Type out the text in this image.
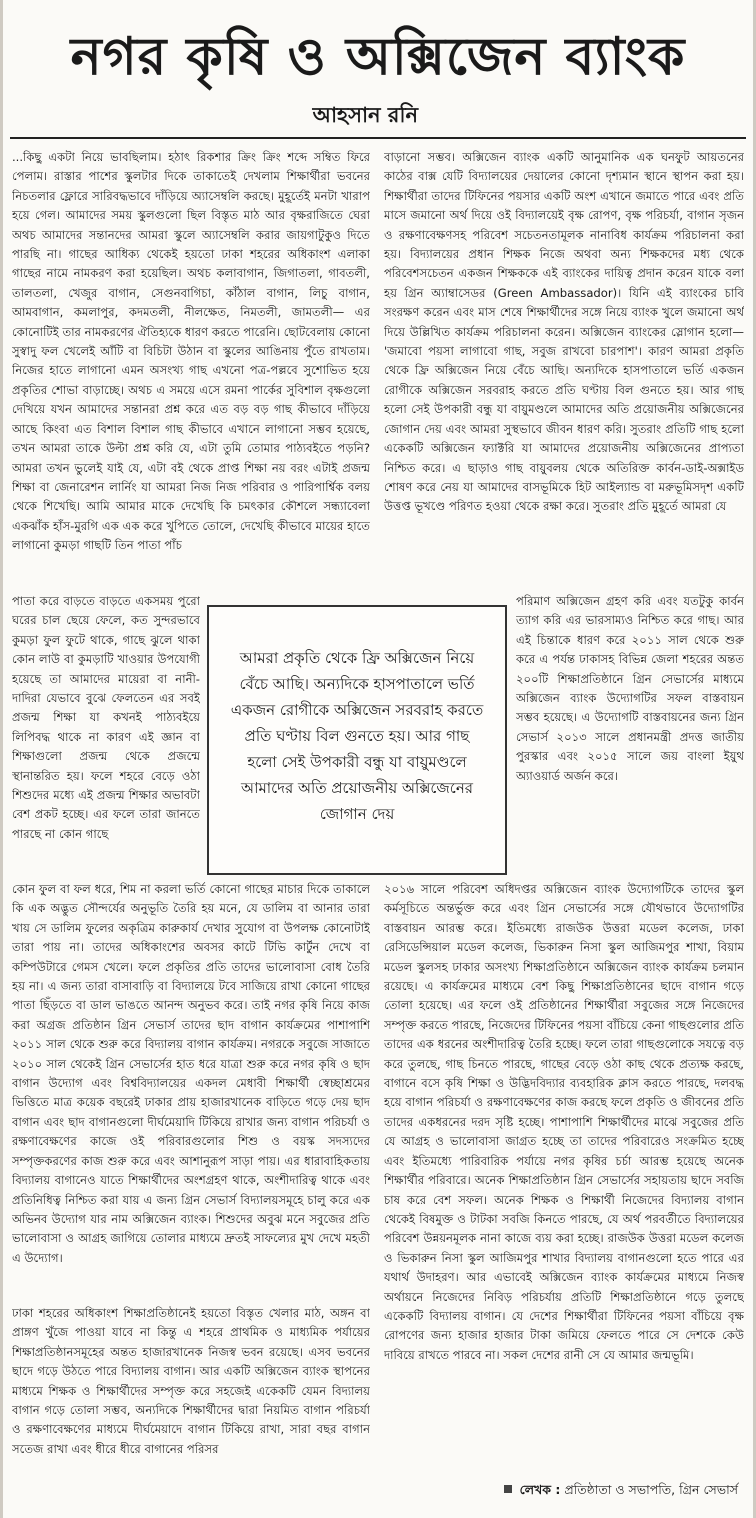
নগর কৃষি ও অক্সিজেন ব্যাংক
আহসান রনি

...কিছু একটা নিয়ে ভাবছিলাম। হঠাৎ রিকশার ক্রিং ক্রিং শব্দে সম্বিত ফিরে পেলাম। রাস্তার পাশের স্কুলটার দিকে তাকাতেই দেখলাম শিক্ষার্থীরা ভবনের নিচতলার ফ্লোরে সারিবদ্ধভাবে দাঁড়িয়ে অ্যাসেম্বলি করছে। মুহূর্তেই মনটা খারাপ হয়ে গেল। আমাদের সময় স্কুলগুলো ছিল বিস্তৃত মাঠ আর বৃক্ষরাজিতে ঘেরা অথচ আমাদের সন্তানদের আমরা স্কুলে অ্যাসেম্বলি করার জায়গাটুকুও দিতে পারছি না। গাছের আধিক্য থেকেই হয়তো ঢাকা শহরের অধিকাংশ এলাকা গাছের নামে নামকরণ করা হয়েছিল। অথচ কলাবাগান, জিগাতলা, গাবতলী, তালতলা, খেজুর বাগান, সেগুনবাগিচা, কাঁঠাল বাগান, লিচু বাগান, আমবাগান, কমলাপুর, কদমতলী, নীলক্ষেত, নিমতলী, জামতলী— এর কোনোটিই তার নামকরণের ঐতিহ্যকে ধারণ করতে পারেনি। ছোটবেলায় কোনো সুস্বাদু ফল খেলেই আঁটি বা বিচিটা উঠান বা স্কুলের আঙিনায় পুঁতে রাখতাম। নিজের হাতে লাগানো এমন অসংখ্য গাছ এখনো পত্র-পল্লবে সুশোভিত হয়ে প্রকৃতির শোভা বাড়াচ্ছে। অথচ এ সময়ে এসে রমনা পার্কের সুবিশাল বৃক্ষগুলো দেখিয়ে যখন আমাদের সন্তানরা প্রশ্ন করে এত বড় বড় গাছ কীভাবে দাঁড়িয়ে আছে কিংবা এত বিশাল বিশাল গাছ কীভাবে এখানে লাগানো সম্ভব হয়েছে, তখন আমরা তাকে উল্টা প্রশ্ন করি যে, এটা তুমি তোমার পাঠ্যবইতে পড়নি? আমরা তখন ভুলেই যাই যে, এটা বই থেকে প্রাপ্ত শিক্ষা নয় বরং এটাই প্রজন্ম শিক্ষা বা জেনারেশন লার্নিং যা আমরা নিজ নিজ পরিবার ও পারিপার্শ্বিক বলয় থেকে শিখেছি। আমি আমার মাকে দেখেছি কি চমৎকার কৌশলে সন্ধ্যাবেলা একঝাঁক হাঁস-মুরগি এক এক করে খুপিতে তোলে, দেখেছি কীভাবে মায়ের হাতে লাগানো কুমড়া গাছটি তিন পাতা পাঁচ

পাতা করে বাড়তে বাড়তে একসময় পুরো ঘরের চাল ছেয়ে ফেলে, কত সুন্দরভাবে কুমড়া ফুল ফুটে থাকে, গাছে ঝুলে থাকা কোন লাউ বা কুমড়াটি খাওয়ার উপযোগী হয়েছে তা আমাদের মায়েরা বা নানী-দাদিরা যেভাবে বুঝে ফেলতেন এর সবই প্রজন্ম শিক্ষা যা কখনই পাঠ্যবইয়ে লিপিবদ্ধ থাকে না কারণ এই জ্ঞান বা শিক্ষাগুলো প্রজন্ম থেকে প্রজন্মে স্থানান্তরিত হয়। ফলে শহরে বেড়ে ওঠা শিশুদের মধ্যে এই প্রজন্ম শিক্ষার অভাবটা বেশ প্রকট হচ্ছে। এর ফলে তারা জানতে পারছে না কোন গাছে

আমরা প্রকৃতি থেকে ফ্রি অক্সিজেন নিয়ে বেঁচে আছি। অন্যদিকে হাসপাতালে ভর্তি একজন রোগীকে অক্সিজেন সরবরাহ করতে প্রতি ঘণ্টায় বিল গুনতে হয়। আর গাছ হলো সেই উপকারী বন্ধু যা বায়ুমণ্ডলে আমাদের অতি প্রয়োজনীয় অক্সিজেনের জোগান দেয়

কোন ফুল বা ফল ধরে, শিম না করলা ভর্তি কোনো গাছের মাচার দিকে তাকালে কি এক অদ্ভুত সৌন্দর্যের অনুভূতি তৈরি হয় মনে, যে ডালিম বা আনার তারা খায় সে ডালিম ফুলের অকৃত্রিম কারুকার্য দেখার সুযোগ বা উপলক্ষ কোনোটাই তারা পায় না। তাদের অধিকাংশের অবসর কাটে টিভি কার্টুন দেখে বা কম্পিউটারে গেমস খেলে। ফলে প্রকৃতির প্রতি তাদের ভালোবাসা বোধ তৈরি হয় না। এ জন্য তারা বাসাবাড়ি বা বিদ্যালয়ে টবে সাজিয়ে রাখা কোনো গাছের পাতা ছিঁড়তে বা ডাল ভাঙতে আনন্দ অনুভব করে। তাই নগর কৃষি নিয়ে কাজ করা অগ্রজ প্রতিষ্ঠান গ্রিন সেভার্স তাদের ছাদ বাগান কার্যক্রমের পাশাপাশি ২০১১ সাল থেকে শুরু করে বিদ্যালয় বাগান কার্যক্রম। নগরকে সবুজে সাজাতে ২০১০ সাল থেকেই গ্রিন সেভার্সের হাত ধরে যাত্রা শুরু করে নগর কৃষি ও ছাদ বাগান উদ্যোগ এবং বিশ্ববিদ্যালয়ের একদল মেধাবী শিক্ষার্থী স্বেচ্ছাশ্রমের ভিত্তিতে মাত্র কয়েক বছরেই ঢাকার প্রায় হাজারখানেক বাড়িতে গড়ে দেয় ছাদ বাগান এবং ছাদ বাগানগুলো দীর্ঘমেয়াদি টিকিয়ে রাখার জন্য বাগান পরিচর্যা ও রক্ষণাবেক্ষণের কাজে ওই পরিবারগুলোর শিশু ও বয়স্ক সদস্যদের সম্পৃক্তকরণের কাজ শুরু করে এবং আশানুরূপ সাড়া পায়। এর ধারাবাহিকতায় বিদ্যালয় বাগানেও যাতে শিক্ষার্থীদের অংশগ্রহণ থাকে, অংশীদারিত্ব থাকে এবং প্রতিনিধিত্ব নিশ্চিত করা যায় এ জন্য গ্রিন সেভার্স বিদ্যালয়সমূহে চালু করে এক অভিনব উদ্যোগ যার নাম অক্সিজেন ব্যাংক। শিশুদের অবুঝ মনে সবুজের প্রতি ভালোবাসা ও আগ্রহ জাগিয়ে তোলার মাধ্যমে দ্রুতই সাফল্যের মুখ দেখে মহতী এ উদ্যোগ।

ঢাকা শহরের অধিকাংশ শিক্ষাপ্রতিষ্ঠানেই হয়তো বিস্তৃত খেলার মাঠ, অঙ্গন বা প্রাঙ্গণ খুঁজে পাওয়া যাবে না কিন্তু এ শহরে প্রাথমিক ও মাধ্যমিক পর্যায়ের শিক্ষাপ্রতিষ্ঠানসমূহের অন্তত হাজারখানেক নিজস্ব ভবন রয়েছে। এসব ভবনের ছাদে গড়ে উঠতে পারে বিদ্যালয় বাগান। আর একটি অক্সিজেন ব্যাংক স্থাপনের মাধ্যমে শিক্ষক ও শিক্ষার্থীদের সম্পৃক্ত করে সহজেই একেকটি যেমন বিদ্যালয় বাগান গড়ে তোলা সম্ভব, অন্যদিকে শিক্ষার্থীদের দ্বারা নিয়মিত বাগান পরিচর্যা ও রক্ষণাবেক্ষণের মাধ্যমে দীর্ঘমেয়াদে বাগান টিকিয়ে রাখা, সারা বছর বাগান সতেজ রাখা এবং ধীরে ধীরে বাগানের পরিসর

বাড়ানো সম্ভব। অক্সিজেন ব্যাংক একটি আনুমানিক এক ঘনফুট আয়তনের কাঠের বাক্স যেটি বিদ্যালয়ের দেয়ালের কোনো দৃশ্যমান স্থানে স্থাপন করা হয়। শিক্ষার্থীরা তাদের টিফিনের পয়সার একটি অংশ এখানে জমাতে পারে এবং প্রতি মাসে জমানো অর্থ দিয়ে ওই বিদ্যালয়েই বৃক্ষ রোপণ, বৃক্ষ পরিচর্যা, বাগান সৃজন ও রক্ষণাবেক্ষণসহ পরিবেশ সচেতনতামূলক নানাবিধ কার্যক্রম পরিচালনা করা হয়। বিদ্যালয়ের প্রধান শিক্ষক নিজে অথবা অন্য শিক্ষকদের মধ্য থেকে পরিবেশসচেতন একজন শিক্ষককে এই ব্যাংকের দায়িত্ব প্রদান করেন যাকে বলা হয় গ্রিন অ্যাম্বাসেডর (Green Ambassador)। যিনি এই ব্যাংকের চাবি সংরক্ষণ করেন এবং মাস শেষে শিক্ষার্থীদের সঙ্গে নিয়ে ব্যাংক খুলে জমানো অর্থ দিয়ে উল্লিখিত কার্যক্রম পরিচালনা করেন। অক্সিজেন ব্যাংকের স্লোগান হলো— 'জমাবো পয়সা লাগাবো গাছ, সবুজ রাখবো চারপাশ'। কারণ আমরা প্রকৃতি থেকে ফ্রি অক্সিজেন নিয়ে বেঁচে আছি। অন্যদিকে হাসপাতালে ভর্তি একজন রোগীকে অক্সিজেন সরবরাহ করতে প্রতি ঘণ্টায় বিল গুনতে হয়। আর গাছ হলো সেই উপকারী বন্ধু যা বায়ুমণ্ডলে আমাদের অতি প্রয়োজনীয় অক্সিজেনের জোগান দেয় এবং আমরা সুস্থভাবে জীবন ধারণ করি। সুতরাং প্রতিটি গাছ হলো একেকটি অক্সিজেন ফ্যাক্টরি যা আমাদের প্রয়োজনীয় অক্সিজেনের প্রাপ্যতা নিশ্চিত করে। এ ছাড়াও গাছ বায়ুবলয় থেকে অতিরিক্ত কার্বন-ডাই-অক্সাইড শোষণ করে নেয় যা আমাদের বাসভূমিকে হিট আইল্যান্ড বা মরুভূমিসদৃশ একটি উত্তপ্ত ভূখণ্ডে পরিণত হওয়া থেকে রক্ষা করে। সুতরাং প্রতি মুহূর্তে আমরা যে

পরিমাণ অক্সিজেন গ্রহণ করি এবং যতটুকু কার্বন ত্যাগ করি এর ভারসাম্যও নিশ্চিত করে গাছ। আর এই চিন্তাকে ধারণ করে ২০১১ সাল থেকে শুরু করে এ পর্যন্ত ঢাকাসহ বিভিন্ন জেলা শহরের অন্তত ২০০টি শিক্ষাপ্রতিষ্ঠানে গ্রিন সেভার্সের মাধ্যমে অক্সিজেন ব্যাংক উদ্যোগটির সফল বাস্তবায়ন সম্ভব হয়েছে। এ উদ্যোগটি বাস্তবায়নের জন্য গ্রিন সেভার্স ২০১৩ সালে প্রধানমন্ত্রী প্রদত্ত জাতীয় পুরস্কার এবং ২০১৫ সালে জয় বাংলা ইয়ুথ অ্যাওয়ার্ড অর্জন করে।

২০১৬ সালে পরিবেশ অধিদপ্তর অক্সিজেন ব্যাংক উদ্যোগটিকে তাদের স্কুল কর্মসূচিতে অন্তর্ভুক্ত করে এবং গ্রিন সেভার্সের সঙ্গে যৌথভাবে উদ্যোগটির বাস্তবায়ন আরম্ভ করে। ইতিমধ্যে রাজউক উত্তরা মডেল কলেজ, ঢাকা রেসিডেন্সিয়াল মডেল কলেজ, ভিকারুন নিসা স্কুল আজিমপুর শাখা, বিয়াম মডেল স্কুলসহ ঢাকার অসংখ্য শিক্ষাপ্রতিষ্ঠানে অক্সিজেন ব্যাংক কার্যক্রম চলমান রয়েছে। এ কার্যক্রমের মাধ্যমে বেশ কিছু শিক্ষাপ্রতিষ্ঠানের ছাদে বাগান গড়ে তোলা হয়েছে। এর ফলে ওই প্রতিষ্ঠানের শিক্ষার্থীরা সবুজের সঙ্গে নিজেদের সম্পৃক্ত করতে পারছে, নিজেদের টিফিনের পয়সা বাঁচিয়ে কেনা গাছগুলোর প্রতি তাদের এক ধরনের অংশীদারিত্ব তৈরি হচ্ছে। ফলে তারা গাছগুলোকে সযত্নে বড় করে তুলছে, গাছ চিনতে পারছে, গাছের বেড়ে ওঠা কাছ থেকে প্রত্যক্ষ করছে, বাগানে বসে কৃষি শিক্ষা ও উদ্ভিদবিদ্যার ব্যবহারিক ক্লাস করতে পারছে, দলবদ্ধ হয়ে বাগান পরিচর্যা ও রক্ষণাবেক্ষণের কাজ করছে ফলে প্রকৃতি ও জীবনের প্রতি তাদের একধরনের দরদ সৃষ্টি হচ্ছে। পাশাপাশি শিক্ষার্থীদের মাঝে সবুজের প্রতি যে আগ্রহ ও ভালোবাসা জাগ্রত হচ্ছে তা তাদের পরিবারেও সংক্রমিত হচ্ছে এবং ইতিমধ্যে পারিবারিক পর্যায়ে নগর কৃষির চর্চা আরম্ভ হয়েছে অনেক শিক্ষার্থীর পরিবারে। অনেক শিক্ষাপ্রতিষ্ঠান গ্রিন সেভার্সের সহায়তায় ছাদে সবজি চাষ করে বেশ সফল। অনেক শিক্ষক ও শিক্ষার্থী নিজেদের বিদ্যালয় বাগান থেকেই বিষমুক্ত ও টাটকা সবজি কিনতে পারছে, যে অর্থ পরবর্তীতে বিদ্যালয়ের পরিবেশ উন্নয়নমূলক নানা কাজে ব্যয় করা হচ্ছে। রাজউক উত্তরা মডেল কলেজ ও ভিকারুন নিসা স্কুল আজিমপুর শাখার বিদ্যালয় বাগানগুলো হতে পারে এর যথার্থ উদাহরণ। আর এভাবেই অক্সিজেন ব্যাংক কার্যক্রমের মাধ্যমে নিজস্ব অর্থায়নে নিজেদের নিবিড় পরিচর্যায় প্রতিটি শিক্ষাপ্রতিষ্ঠানে গড়ে তুলছে একেকটি বিদ্যালয় বাগান। যে দেশের শিক্ষার্থীরা টিফিনের পয়সা বাঁচিয়ে বৃক্ষ রোপণের জন্য হাজার হাজার টাকা জমিয়ে ফেলতে পারে সে দেশকে কেউ দাবিয়ে রাখতে পারবে না। সকল দেশের রানী সে যে আমার জন্মভূমি।

লেখক : প্রতিষ্ঠাতা ও সভাপতি, গ্রিন সেভার্স
